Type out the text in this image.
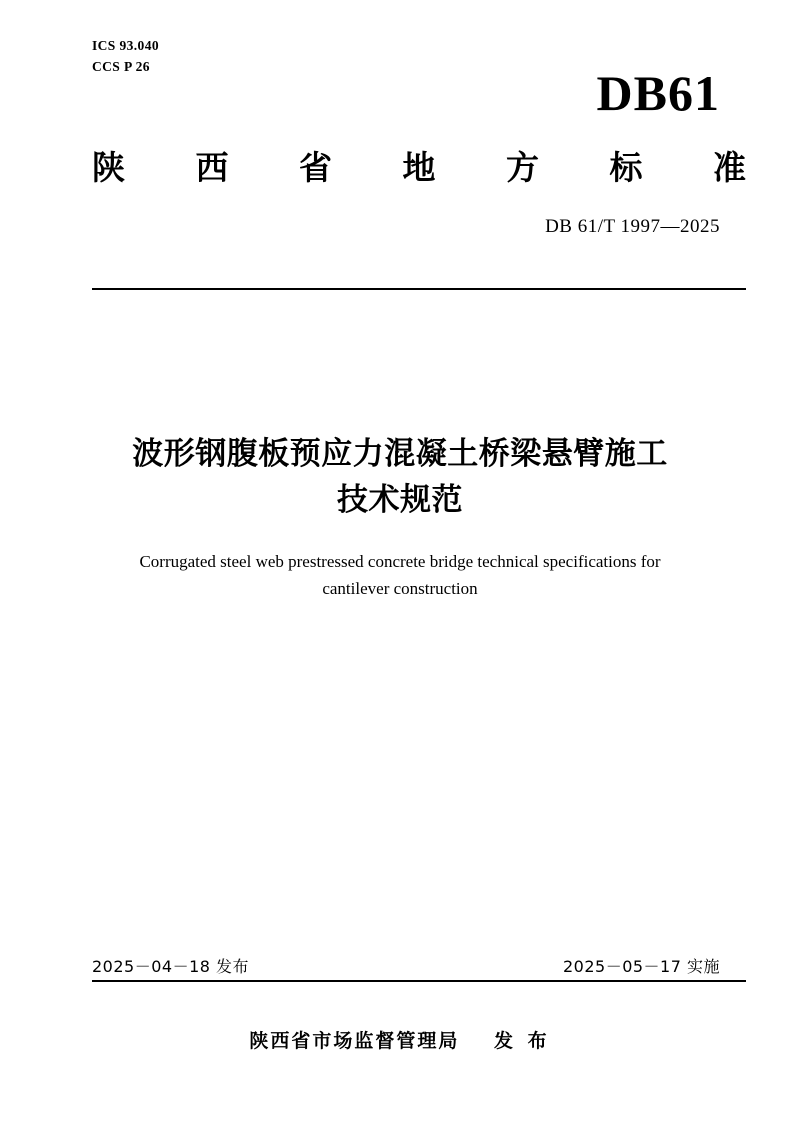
ICS 93.040
CCS P 26	DB61
陕 西 省 地 方 标 准
DB 61/T 1997—2025
波形钢腹板预应力混凝土桥梁悬臂施工
技术规范
Corrugated steel web prestressed concrete bridge technical specifications for
cantilever construction
2025－04－18 发布	2025－05－17 实施
陕西省市场监督管理局 发 布
